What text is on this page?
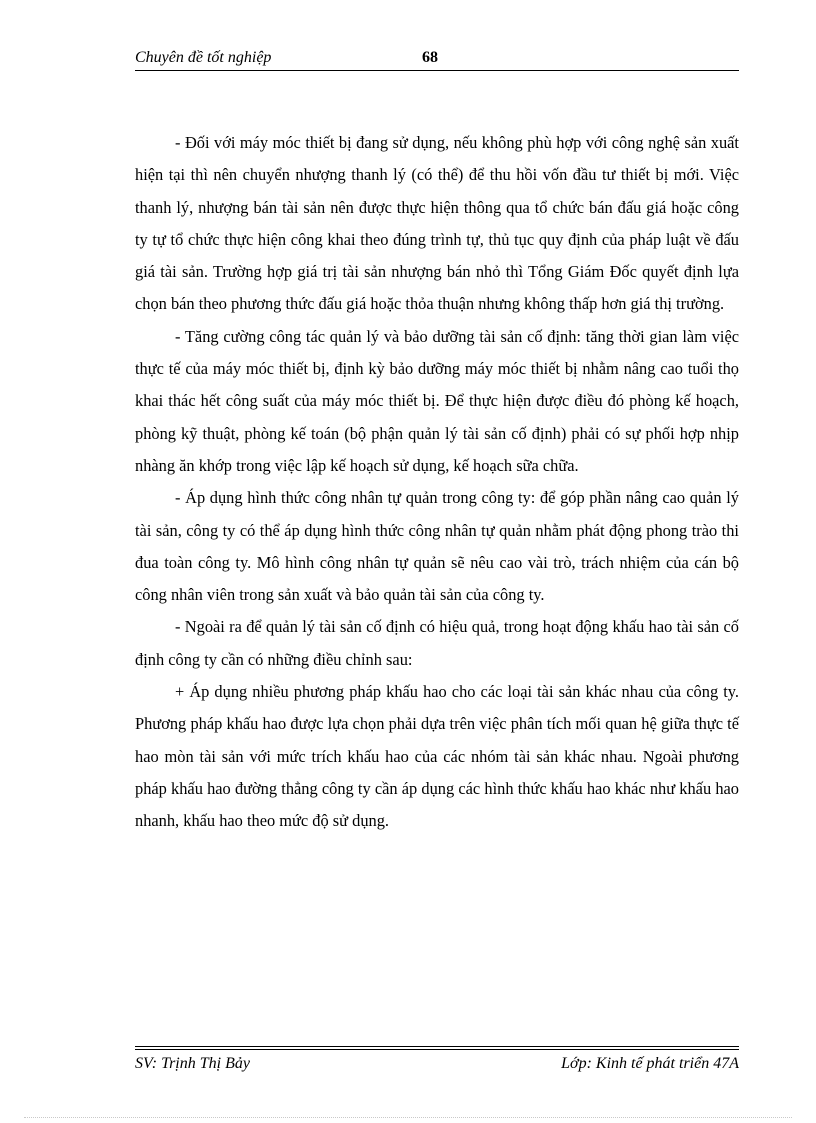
Chuyên đề tốt nghiệp	68

- Đối với máy móc thiết bị đang sử dụng, nếu không phù hợp với công nghệ sản xuất hiện tại thì nên chuyển nhượng thanh lý (có thể) để thu hồi vốn đầu tư thiết bị mới. Việc thanh lý, nhượng bán tài sản nên được thực hiện thông qua tổ chức bán đấu giá hoặc công ty tự tổ chức thực hiện công khai theo đúng trình tự, thủ tục quy định của pháp luật về đấu giá tài sản. Trường hợp giá trị tài sản nhượng bán nhỏ thì Tổng Giám Đốc quyết định lựa chọn bán theo phương thức đấu giá hoặc thỏa thuận nhưng không thấp hơn giá thị trường.

- Tăng cường công tác quản lý và bảo dưỡng tài sản cố định: tăng thời gian làm việc thực tế của máy móc thiết bị, định kỳ bảo dưỡng máy móc thiết bị nhằm nâng cao tuổi thọ khai thác hết công suất của máy móc thiết bị. Để thực hiện được điều đó phòng kế hoạch, phòng kỹ thuật, phòng kế toán (bộ phận quản lý tài sản cố định) phải có sự phối hợp nhịp nhàng ăn khớp trong việc lập kế hoạch sử dụng, kế hoạch sữa chữa.

- Áp dụng hình thức công nhân tự quản trong công ty: để góp phần nâng cao quản lý tài sản, công ty có thể áp dụng hình thức công nhân tự quản nhằm phát động phong trào thi đua toàn công ty. Mô hình công nhân tự quản sẽ nêu cao vài trò, trách nhiệm của cán bộ công nhân viên trong sản xuất và bảo quản tài sản của công ty.

- Ngoài ra để quản lý tài sản cố định có hiệu quả, trong hoạt động khấu hao tài sản cố định công ty cần có những điều chỉnh sau:

+ Áp dụng nhiều phương pháp khấu hao cho các loại tài sản khác nhau của công ty. Phương pháp khấu hao được lựa chọn phải dựa trên việc phân tích mối quan hệ giữa thực tế hao mòn tài sản với mức trích khấu hao của các nhóm tài sản khác nhau. Ngoài phương pháp khấu hao đường thẳng công ty cần áp dụng các hình thức khấu hao khác như khấu hao nhanh, khấu hao theo mức độ sử dụng.

SV: Trịnh Thị Bảy	Lớp: Kinh tế phát triển 47A
